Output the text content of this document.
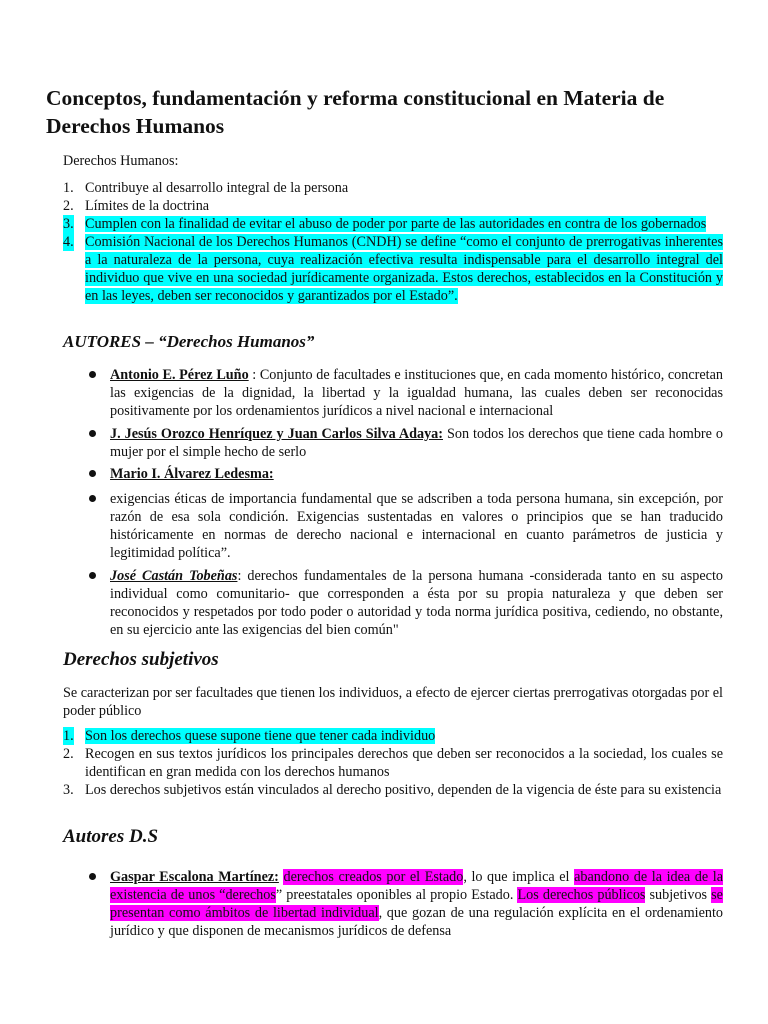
Conceptos, fundamentación y reforma constitucional en Materia de Derechos Humanos
Derechos Humanos:
1. Contribuye al desarrollo integral de la persona
2. Límites de la doctrina
3. Cumplen con la finalidad de evitar el abuso de poder por parte de las autoridades en contra de los gobernados
4. Comisión Nacional de los Derechos Humanos (CNDH) se define “como el conjunto de prerrogativas inherentes a la naturaleza de la persona, cuya realización efectiva resulta indispensable para el desarrollo integral del individuo que vive en una sociedad jurídicamente organizada. Estos derechos, establecidos en la Constitución y en las leyes, deben ser reconocidos y garantizados por el Estado”.
AUTORES – “Derechos Humanos”
Antonio E. Pérez Luño : Conjunto de facultades e instituciones que, en cada momento histórico, concretan las exigencias de la dignidad, la libertad y la igualdad humana, las cuales deben ser reconocidas positivamente por los ordenamientos jurídicos a nivel nacional e internacional
J. Jesús Orozco Henríquez y Juan Carlos Silva Adaya: Son todos los derechos que tiene cada hombre o mujer por el simple hecho de serlo
Mario I. Álvarez Ledesma:
exigencias éticas de importancia fundamental que se adscriben a toda persona humana, sin excepción, por razón de esa sola condición. Exigencias sustentadas en valores o principios que se han traducido históricamente en normas de derecho nacional e internacional en cuanto parámetros de justicia y legitimidad política”.
José Castán Tobeñas: derechos fundamentales de la persona humana -considerada tanto en su aspecto individual como comunitario- que corresponden a ésta por su propia naturaleza y que deben ser reconocidos y respetados por todo poder o autoridad y toda norma jurídica positiva, cediendo, no obstante, en su ejercicio ante las exigencias del bien común"
Derechos subjetivos

Se caracterizan por ser facultades que tienen los individuos, a efecto de ejercer ciertas prerrogativas otorgadas por el poder público

1. Son los derechos quese supone tiene que tener cada individuo
2. Recogen en sus textos jurídicos los principales derechos que deben ser reconocidos a la sociedad, los cuales se identifican en gran medida con los derechos humanos
3. Los derechos subjetivos están vinculados al derecho positivo, dependen de la vigencia de éste para su existencia
Autores D.S
Gaspar Escalona Martínez: derechos creados por el Estado, lo que implica el abandono de la idea de la existencia de unos “derechos” preestatales oponibles al propio Estado. Los derechos públicos subjetivos se presentan como ámbitos de libertad individual, que gozan de una regulación explícita en el ordenamiento jurídico y que disponen de mecanismos jurídicos de defensa
